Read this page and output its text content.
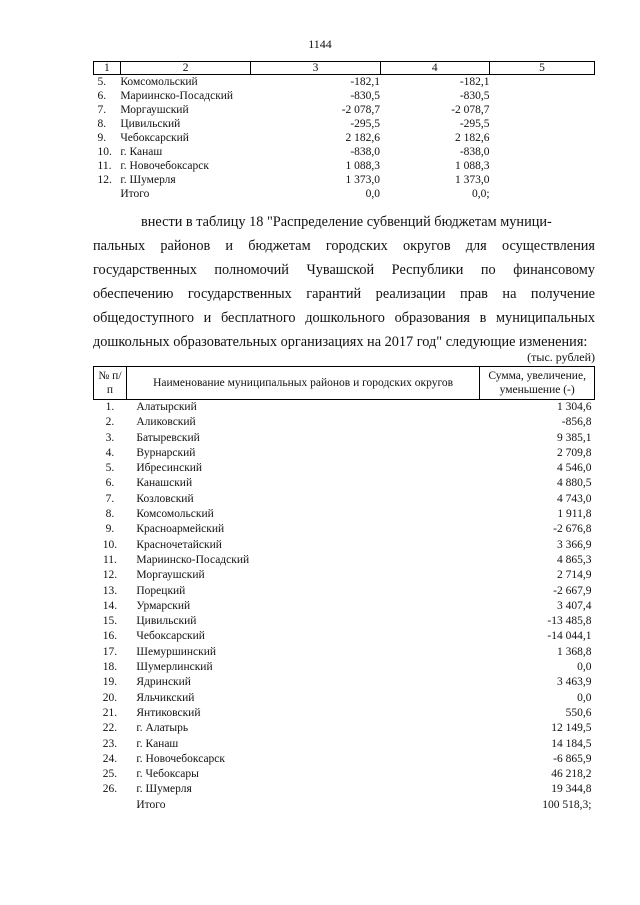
1144
1	2	3	4	5
5.	Комсомольский	-182,1	-182,1	
6.	Мариинско-Посадский	-830,5	-830,5	
7.	Моргаушский	-2 078,7	-2 078,7	
8.	Цивильский	-295,5	-295,5	
9.	Чебоксарский	2 182,6	2 182,6	
10.	г. Канаш	-838,0	-838,0	
11.	г. Новочебоксарск	1 088,3	1 088,3	
12.	г. Шумерля	1 373,0	1 373,0	
	Итого	0,0	0,0;	
внести в таблицу 18 "Распределение субвенций бюджетам муници-
пальных районов и бюджетам городских округов для осуществления государственных полномочий Чувашской Республики по финансовому обеспечению государственных гарантий реализации прав на получение общедоступного и бесплатного дошкольного образования в муниципальных дошкольных образовательных организациях на 2017 год" следующие изменения:
(тыс. рублей)
№ п/п	Наименование муниципальных районов и городских округов	Сумма, увеличение, уменьшение (-)
1.	Алатырский	1 304,6
2.	Аликовский	-856,8
3.	Батыревский	9 385,1
4.	Вурнарский	2 709,8
5.	Ибресинский	4 546,0
6.	Канашский	4 880,5
7.	Козловский	4 743,0
8.	Комсомольский	1 911,8
9.	Красноармейский	-2 676,8
10.	Красночетайский	3 366,9
11.	Мариинско-Посадский	4 865,3
12.	Моргаушский	2 714,9
13.	Порецкий	-2 667,9
14.	Урмарский	3 407,4
15.	Цивильский	-13 485,8
16.	Чебоксарский	-14 044,1
17.	Шемуршинский	1 368,8
18.	Шумерлинский	0,0
19.	Ядринский	3 463,9
20.	Яльчикский	0,0
21.	Янтиковский	550,6
22.	г. Алатырь	12 149,5
23.	г. Канаш	14 184,5
24.	г. Новочебоксарск	-6 865,9
25.	г. Чебоксары	46 218,2
26.	г. Шумерля	19 344,8
	Итого	100 518,3;
